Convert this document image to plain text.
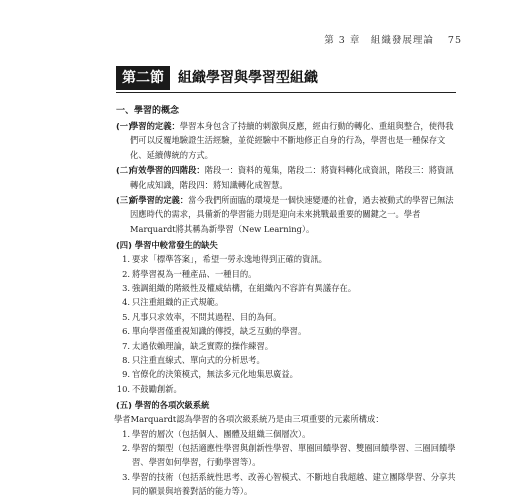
第 3 章　組織發展理論 75
第二節	組織學習與學習型組織
一、學習的概念
(一)
學習的定義：學習本身包含了持續的刺激與反應，經由行動的轉化、重組與整合，使得我們可以反覆地驗證生活經驗，並從經驗中不斷地修正自身的行為，學習也是一種保存文化、延續傳統的方式。
(二)
有效學習的四階段：階段一：資料的蒐集，階段二：將資料轉化成資訊，階段三：將資訊轉化成知識，階段四：將知識轉化成智慧。
(三)
新學習的定義：當今我們所面臨的環境是一個快速變遷的社會，過去被動式的學習已無法因應時代的需求，具備新的學習能力則是迎向未來挑戰最重要的關鍵之一。學者Marquardt將其稱為新學習（New Learning）。
(四) 學習中較常發生的缺失
1. 要求「標準答案」，希望一勞永逸地得到正確的資訊。
2. 將學習視為一種產品、一種目的。
3. 強調組織的階級性及權威結構，在組織內不容許有異議存在。
4. 只注重組織的正式規範。
5. 凡事只求效率，不問其過程、目的為何。
6. 單向學習僅重視知識的傳授，缺乏互動的學習。
7. 太過依賴理論，缺乏實際的操作練習。
8. 只注重直線式、單向式的分析思考。
9. 官僚化的決策模式，無法多元化地集思廣益。
10. 不鼓勵創新。
(五) 學習的各項次級系統

學者Marquardt認為學習的各項次級系統乃是由三項重要的元素所構成：

1. 學習的層次（包括個人、團體及組織三個層次）。
2. 學習的類型（包括適應性學習與創新性學習、單圈回饋學習、雙圈回饋學習、三圈回饋學習、學習如何學習，行動學習等）。
3. 學習的技術（包括系統性思考、改善心智模式、不斷地自我超越、建立團隊學習、分享共同的願景與培養對話的能力等）。
